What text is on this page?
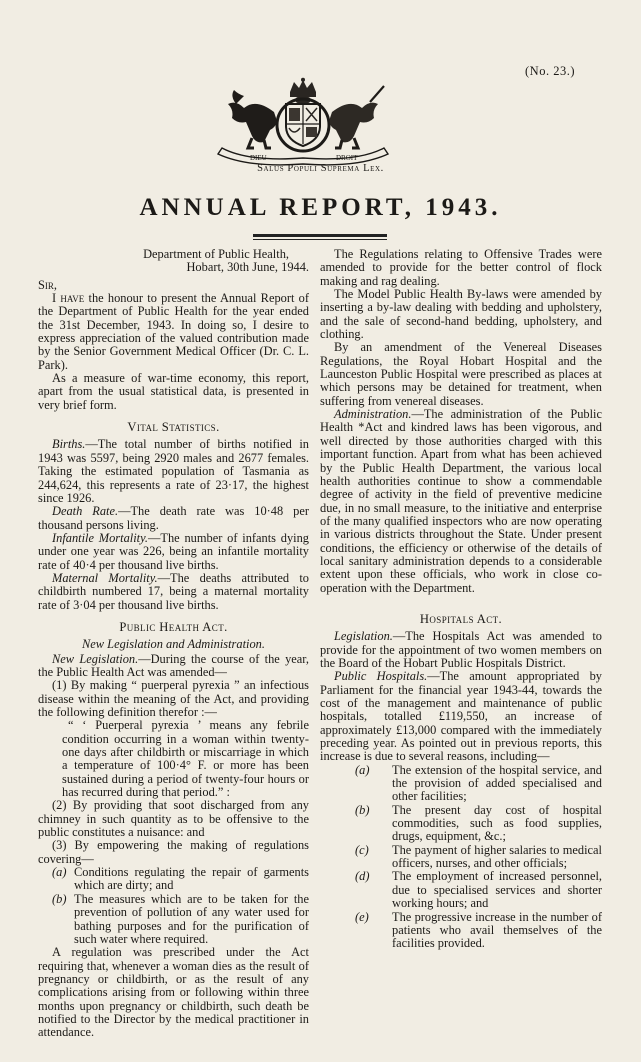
(No. 23.)
DIEU	DROIT
Salus Populi Suprema Lex.
ANNUAL REPORT, 1943.

Department of Public Health,

Hobart, 30th June, 1944.

Sir,

I have the honour to present the Annual Report of the Department of Public Health for the year ended the 31st December, 1943. In doing so, I desire to express appreciation of the valued contribution made by the Senior Government Medical Officer (Dr. C. L. Park).

As a measure of war-time economy, this report, apart from the usual statistical data, is presented in very brief form.

Vital Statistics.

Births.—The total number of births notified in 1943 was 5597, being 2920 males and 2677 females. Taking the estimated population of Tasmania as 244,624, this represents a rate of 23·17, the highest since 1926.

Death Rate.—The death rate was 10·48 per thousand persons living.

Infantile Mortality.—The number of infants dying under one year was 226, being an infantile mortality rate of 40·4 per thousand live births.

Maternal Mortality.—The deaths attributed to childbirth numbered 17, being a maternal mortality rate of 3·04 per thousand live births.

Public Health Act.

New Legislation and Administration.

New Legislation.—During the course of the year, the Public Health Act was amended—

(1) By making “ puerperal pyrexia ” an infectious disease within the meaning of the Act, and providing the following definition therefor :—

“ ‘ Puerperal pyrexia ’ means any febrile condition occurring in a woman within twenty-one days after childbirth or miscarriage in which a temperature of 100·4° F. or more has been sustained during a period of twenty-four hours or has recurred during that period.” :

(2) By providing that soot discharged from any chimney in such quantity as to be offensive to the public constitutes a nuisance: and

(3) By empowering the making of regulations covering—

(a) Conditions regulating the repair of garments which are dirty; and

(b) The measures which are to be taken for the prevention of pollution of any water used for bathing purposes and for the purification of such water where required.

A regulation was prescribed under the Act requiring that, whenever a woman dies as the result of pregnancy or childbirth, or as the result of any complications arising from or following within three months upon pregnancy or childbirth, such death be notified to the Director by the medical practitioner in attendance.

The Regulations relating to Offensive Trades were amended to provide for the better control of flock making and rag dealing.

The Model Public Health By-laws were amended by inserting a by-law dealing with bedding and upholstery, and the sale of second-hand bedding, upholstery, and clothing.

By an amendment of the Venereal Diseases Regulations, the Royal Hobart Hospital and the Launceston Public Hospital were prescribed as places at which persons may be detained for treatment, when suffering from venereal diseases.

Administration.—The administration of the Public Health *Act and kindred laws has been vigorous, and well directed by those authorities charged with this important function. Apart from what has been achieved by the Public Health Department, the various local health authorities continue to show a commendable degree of activity in the field of preventive medicine due, in no small measure, to the initiative and enterprise of the many qualified inspectors who are now operating in various districts throughout the State. Under present conditions, the efficiency or otherwise of the details of local sanitary administration depends to a considerable extent upon these officials, who work in close co-operation with the Department.

Hospitals Act.

Legislation.—The Hospitals Act was amended to provide for the appointment of two women members on the Board of the Hobart Public Hospitals District.

Public Hospitals.—The amount appropriated by Parliament for the financial year 1943-44, towards the cost of the management and maintenance of public hospitals, totalled £119,550, an increase of approximately £13,000 compared with the immediately preceding year. As pointed out in previous reports, this increase is due to several reasons, including—

(a) The extension of the hospital service, and the provision of added specialised and other facilities;

(b) The present day cost of hospital commodities, such as food supplies, drugs, equipment, &c.;

(c) The payment of higher salaries to medical officers, nurses, and other officials;

(d) The employment of increased personnel, due to specialised services and shorter working hours; and

(e) The progressive increase in the number of patients who avail themselves of the facilities provided.
